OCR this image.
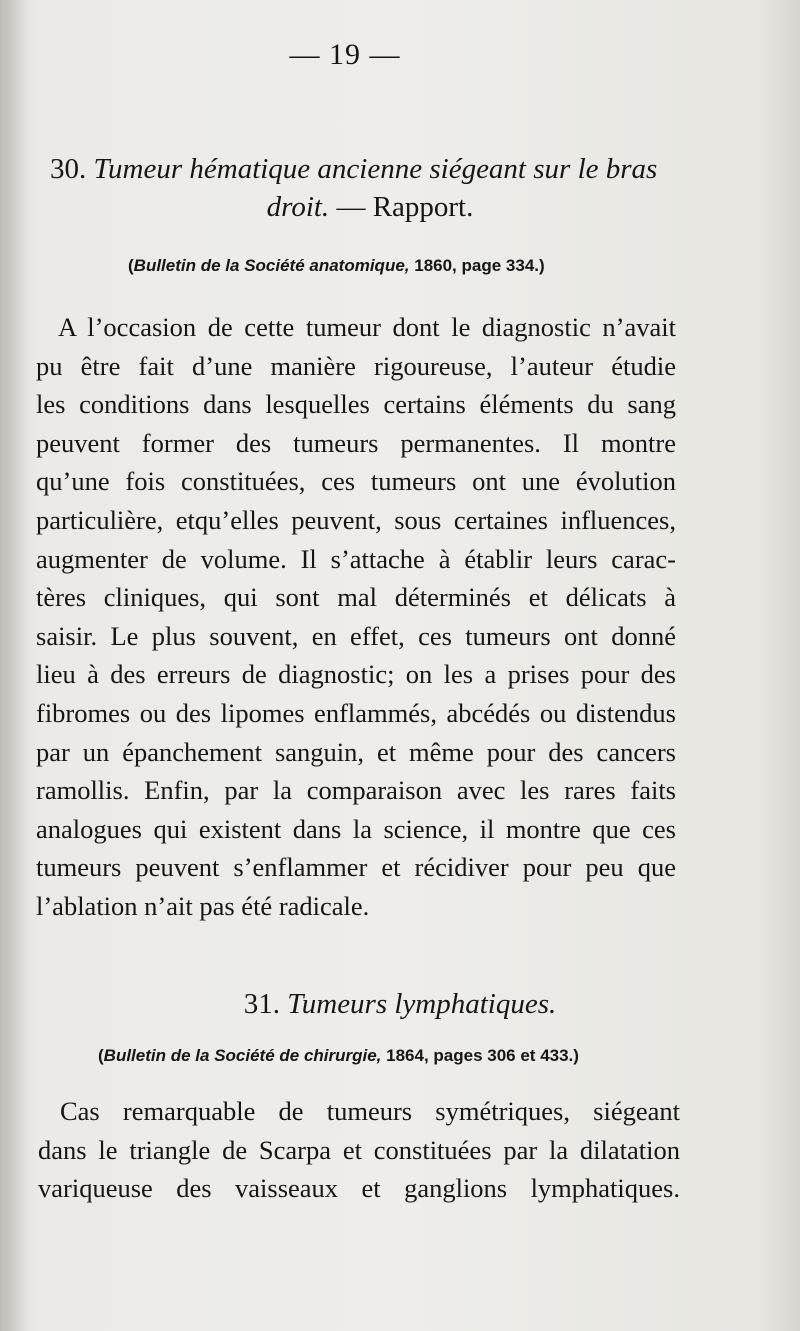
— 19 —
30. Tumeur hématique ancienne siégeant sur le bras
droit. — Rapport.
(Bulletin de la Société anatomique, 1860, page 334.)
A l’occasion de cette tumeur dont le diagnostic n’avait
pu être fait d’une manière rigoureuse, l’auteur étudie
les conditions dans lesquelles certains éléments du sang
peuvent former des tumeurs permanentes. Il montre
qu’une fois constituées, ces tumeurs ont une évolution
particulière, etqu’elles peuvent, sous certaines influences,
augmenter de volume. Il s’attache à établir leurs carac-
tères cliniques, qui sont mal déterminés et délicats à
saisir. Le plus souvent, en effet, ces tumeurs ont donné
lieu à des erreurs de diagnostic; on les a prises pour des
fibromes ou des lipomes enflammés, abcédés ou distendus
par un épanchement sanguin, et même pour des cancers
ramollis. Enfin, par la comparaison avec les rares faits
analogues qui existent dans la science, il montre que ces
tumeurs peuvent s’enflammer et récidiver pour peu que
l’ablation n’ait pas été radicale.
31. Tumeurs lymphatiques.
(Bulletin de la Société de chirurgie, 1864, pages 306 et 433.)
Cas remarquable de tumeurs symétriques, siégeant
dans le triangle de Scarpa et constituées par la dilatation
variqueuse des vaisseaux et ganglions lymphatiques.
